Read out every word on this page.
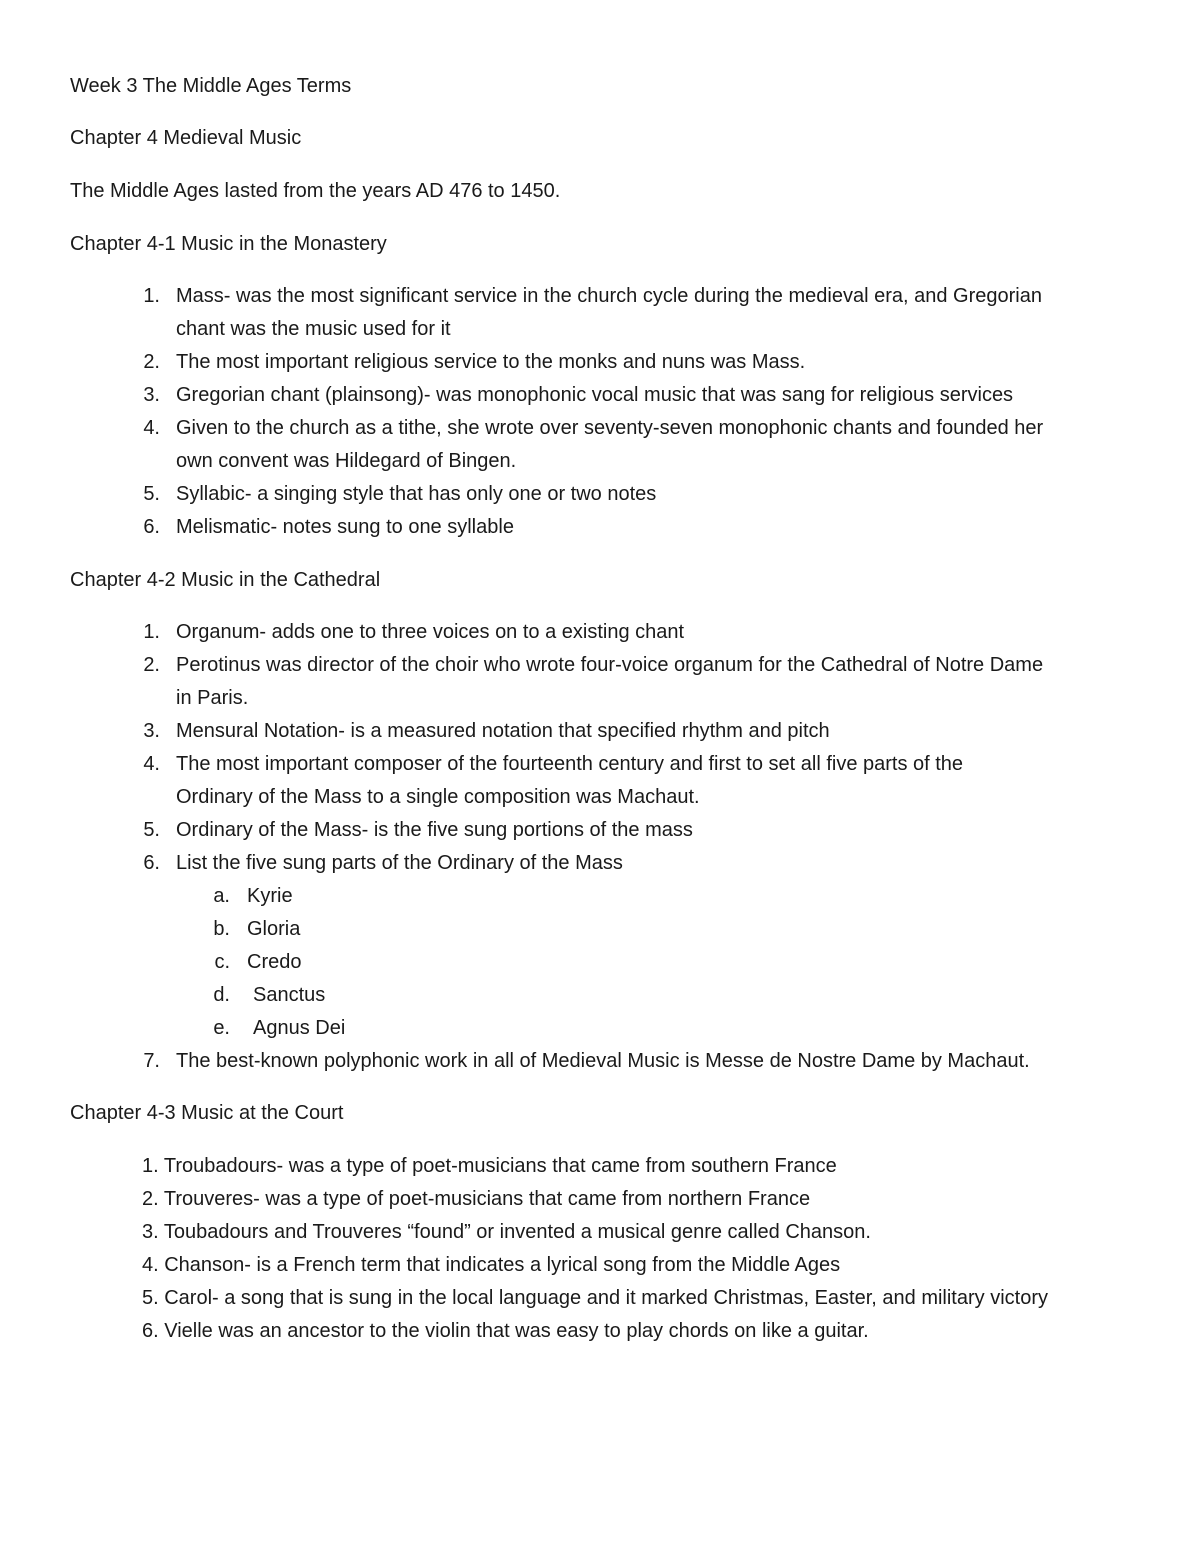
Week 3 The Middle Ages Terms
Chapter 4 Medieval Music
The Middle Ages lasted from the years AD 476 to 1450.
Chapter 4-1 Music in the Monastery
1. Mass- was the most significant service in the church cycle during the medieval era, and Gregorian
chant was the music used for it
2. The most important religious service to the monks and nuns was Mass.
3. Gregorian chant (plainsong)- was monophonic vocal music that was sang for religious services
4. Given to the church as a tithe, she wrote over seventy-seven monophonic chants and founded her
own convent was Hildegard of Bingen.
5. Syllabic- a singing style that has only one or two notes
6. Melismatic- notes sung to one syllable
Chapter 4-2 Music in the Cathedral
1. Organum- adds one to three voices on to a existing chant
2. Perotinus was director of the choir who wrote four-voice organum for the Cathedral of Notre Dame
in Paris.
3. Mensural Notation- is a measured notation that specified rhythm and pitch
4. The most important composer of the fourteenth century and first to set all five parts of the
Ordinary of the Mass to a single composition was Machaut.
5. Ordinary of the Mass- is the five sung portions of the mass
6. List the five sung parts of the Ordinary of the Mass
a. Kyrie
b. Gloria
c. Credo
d. Sanctus
e. Agnus Dei
7. The best-known polyphonic work in all of Medieval Music is Messe de Nostre Dame by Machaut.
Chapter 4-3 Music at the Court
1. Troubadours- was a type of poet-musicians that came from southern France
2. Trouveres- was a type of poet-musicians that came from northern France
3. Toubadours and Trouveres “found” or invented a musical genre called Chanson.
4. Chanson- is a French term that indicates a lyrical song from the Middle Ages
5. Carol- a song that is sung in the local language and it marked Christmas, Easter, and military victory
6. Vielle was an ancestor to the violin that was easy to play chords on like a guitar.
